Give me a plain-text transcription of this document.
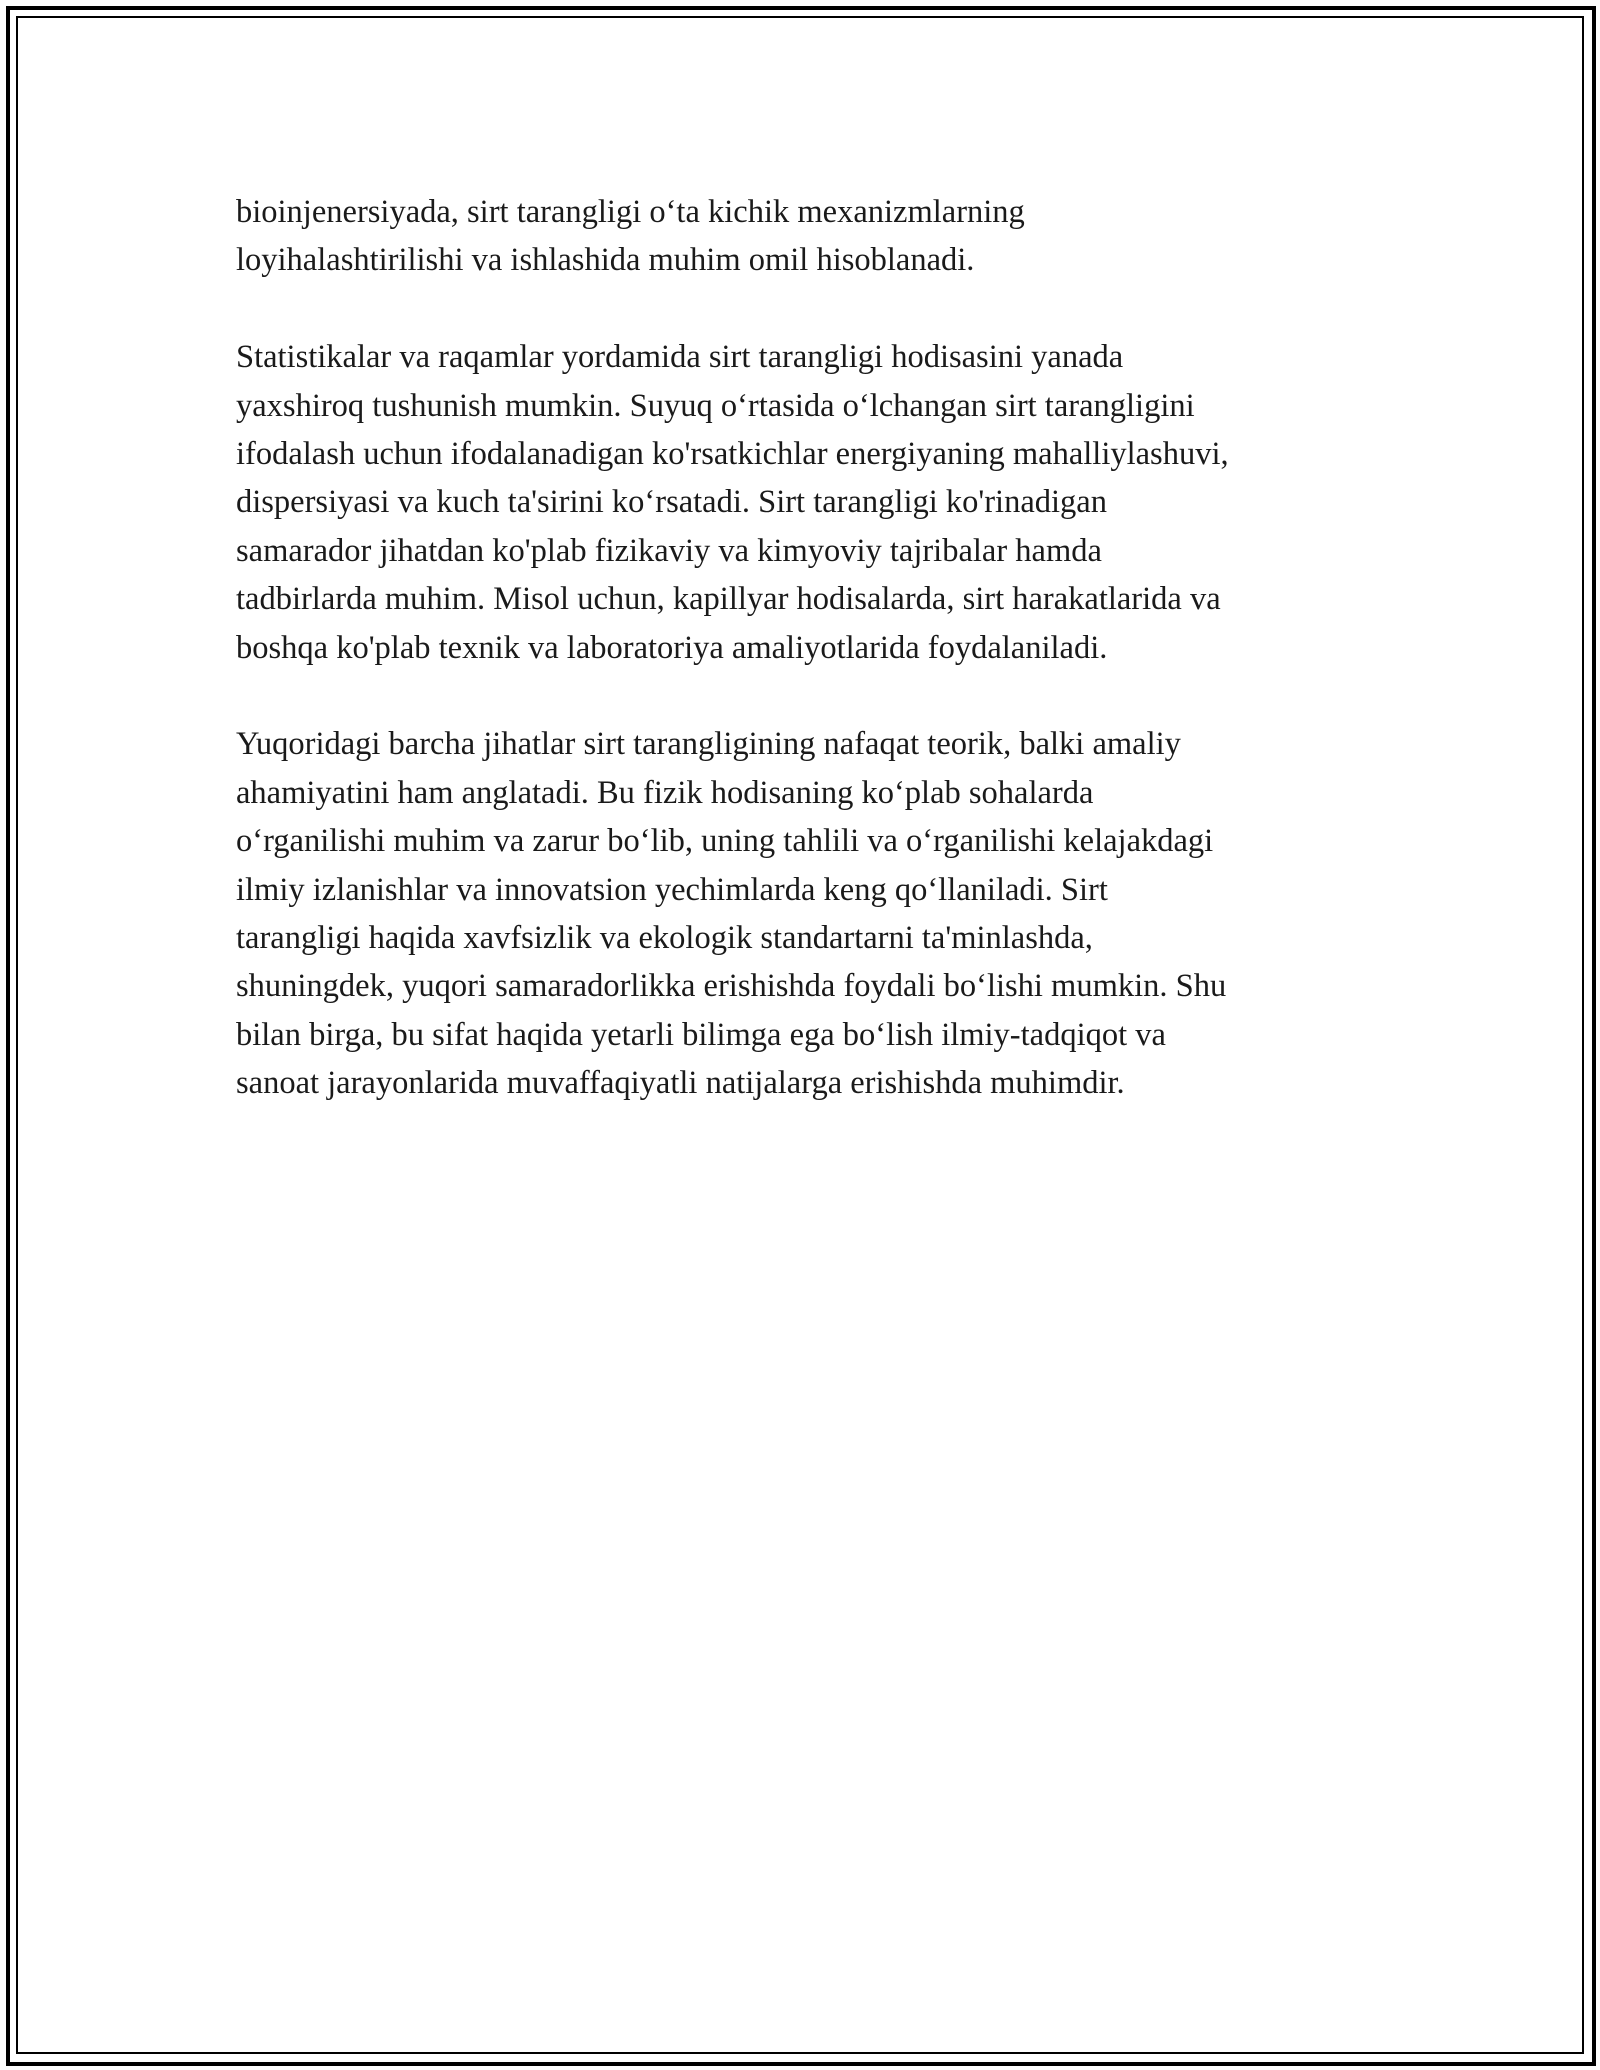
bioinjenersiyada, sirt tarangligi o‘ta kichik mexanizmlarning
loyihalashtirilishi va ishlashida muhim omil hisoblanadi.

Statistikalar va raqamlar yordamida sirt tarangligi hodisasini yanada
yaxshiroq tushunish mumkin. Suyuq o‘rtasida o‘lchangan sirt tarangligini
ifodalash uchun ifodalanadigan ko'rsatkichlar energiyaning mahalliylashuvi,
dispersiyasi va kuch ta'sirini ko‘rsatadi. Sirt tarangligi ko'rinadigan
samarador jihatdan ko'plab fizikaviy va kimyoviy tajribalar hamda
tadbirlarda muhim. Misol uchun, kapillyar hodisalarda, sirt harakatlarida va
boshqa ko'plab texnik va laboratoriya amaliyotlarida foydalaniladi.

Yuqoridagi barcha jihatlar sirt tarangligining nafaqat teorik, balki amaliy
ahamiyatini ham anglatadi. Bu fizik hodisaning ko‘plab sohalarda
o‘rganilishi muhim va zarur bo‘lib, uning tahlili va o‘rganilishi kelajakdagi
ilmiy izlanishlar va innovatsion yechimlarda keng qo‘llaniladi. Sirt
tarangligi haqida xavfsizlik va ekologik standartarni ta'minlashda,
shuningdek, yuqori samaradorlikka erishishda foydali bo‘lishi mumkin. Shu
bilan birga, bu sifat haqida yetarli bilimga ega bo‘lish ilmiy-tadqiqot va
sanoat jarayonlarida muvaffaqiyatli natijalarga erishishda muhimdir.
